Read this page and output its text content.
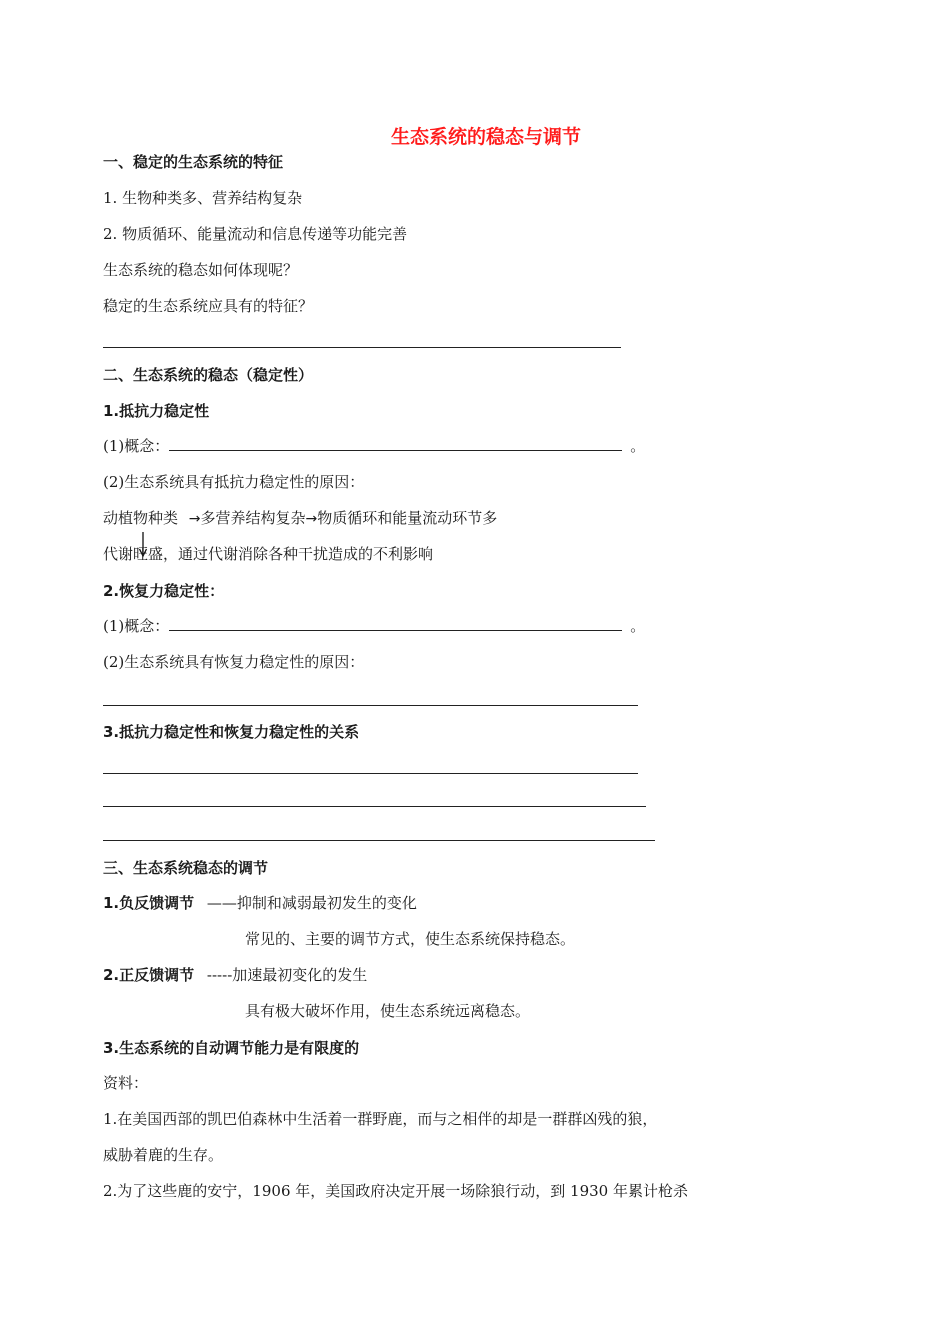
生态系统的稳态与调节
一、稳定的生态系统的特征
1. 生物种类多、营养结构复杂
2. 物质循环、能量流动和信息传递等功能完善
生态系统的稳态如何体现呢？
稳定的生态系统应具有的特征？
二、生态系统的稳态（稳定性）
1.抵抗力稳定性
(1)概念：	。
(2)生态系统具有抵抗力稳定性的原因：
动植物种类 →多营养结构复杂→物质循环和能量流动环节多
代谢旺盛，通过代谢消除各种干扰造成的不利影响
2.恢复力稳定性：
(1)概念：	。
(2)生态系统具有恢复力稳定性的原因：
3.抵抗力稳定性和恢复力稳定性的关系
三、生态系统稳态的调节
1.负反馈调节 ——抑制和减弱最初发生的变化
常见的、主要的调节方式，使生态系统保持稳态。
2.正反馈调节 -----加速最初变化的发生
具有极大破坏作用，使生态系统远离稳态。
3.生态系统的自动调节能力是有限度的
资料：
1.在美国西部的凯巴伯森林中生活着一群野鹿，而与之相伴的却是一群群凶残的狼，
威胁着鹿的生存。
2.为了这些鹿的安宁，1906 年，美国政府决定开展一场除狼行动，到 1930 年累计枪杀
